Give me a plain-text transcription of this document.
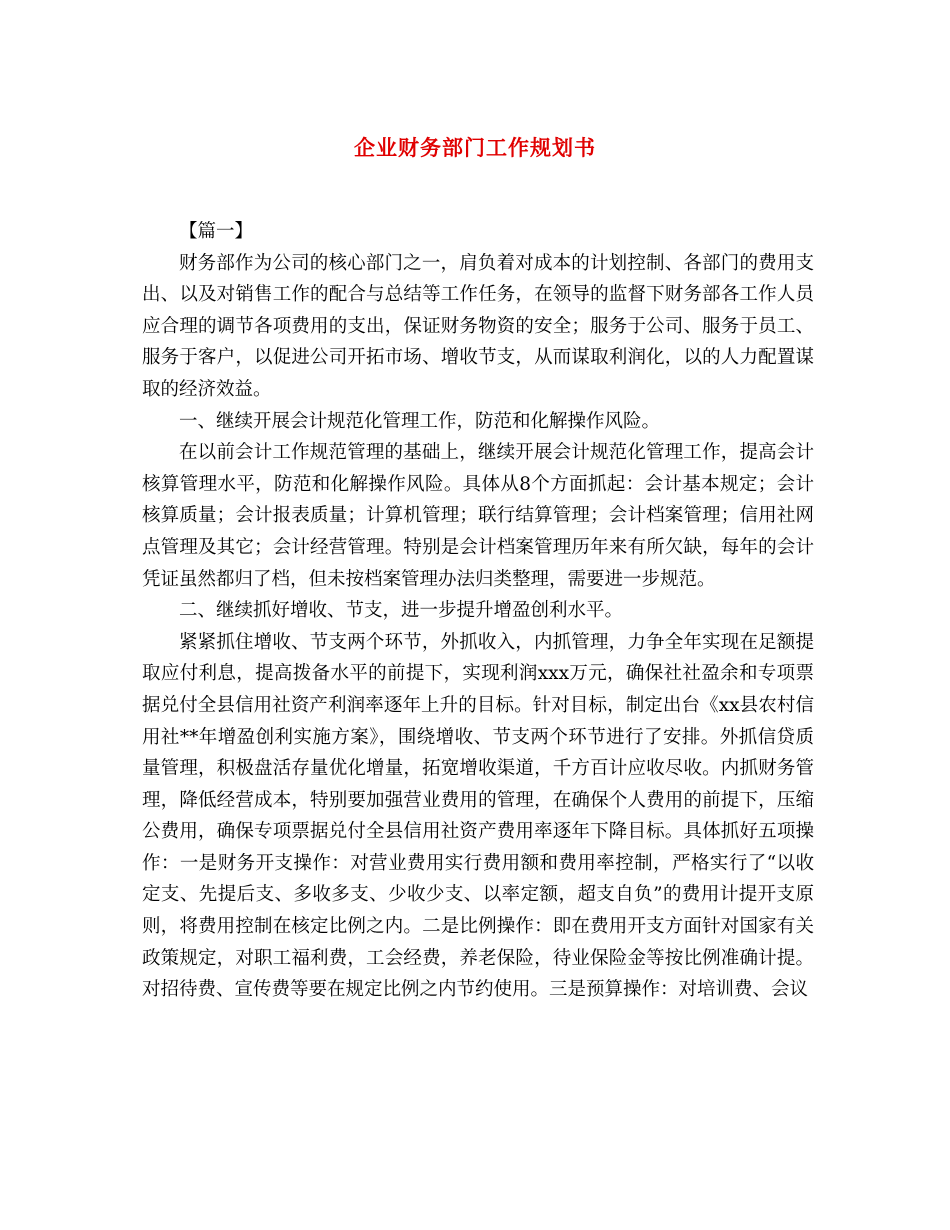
企业财务部门工作规划书

【篇一】

财务部作为公司的核心部门之一，肩负着对成本的计划控制、各部门的费用支出、以及对销售工作的配合与总结等工作任务，在领导的监督下财务部各工作人员应合理的调节各项费用的支出，保证财务物资的安全；服务于公司、服务于员工、服务于客户，以促进公司开拓市场、增收节支，从而谋取利润化，以的人力配置谋取的经济效益。

一、继续开展会计规范化管理工作，防范和化解操作风险。

在以前会计工作规范管理的基础上，继续开展会计规范化管理工作，提高会计核算管理水平，防范和化解操作风险。具体从8个方面抓起：会计基本规定；会计核算质量；会计报表质量；计算机管理；联行结算管理；会计档案管理；信用社网点管理及其它；会计经营管理。特别是会计档案管理历年来有所欠缺，每年的会计凭证虽然都归了档，但未按档案管理办法归类整理，需要进一步规范。

二、继续抓好增收、节支，进一步提升增盈创利水平。

紧紧抓住增收、节支两个环节，外抓收入，内抓管理，力争全年实现在足额提取应付利息，提高拨备水平的前提下，实现利润xxx万元，确保社社盈余和专项票据兑付全县信用社资产利润率逐年上升的目标。针对目标，制定出台《xx县农村信用社**年增盈创利实施方案》，围绕增收、节支两个环节进行了安排。外抓信贷质量管理，积极盘活存量优化增量，拓宽增收渠道，千方百计应收尽收。内抓财务管理，降低经营成本，特别要加强营业费用的管理，在确保个人费用的前提下，压缩公费用，确保专项票据兑付全县信用社资产费用率逐年下降目标。具体抓好五项操作：一是财务开支操作：对营业费用实行费用额和费用率控制，严格实行了“以收定支、先提后支、多收多支、少收少支、以率定额，超支自负”的费用计提开支原则，将费用控制在核定比例之内。二是比例操作：即在费用开支方面针对国家有关政策规定，对职工福利费，工会经费，养老保险，待业保险金等按比例准确计提。对招待费、宣传费等要在规定比例之内节约使用。三是预算操作：对培训费、会议
